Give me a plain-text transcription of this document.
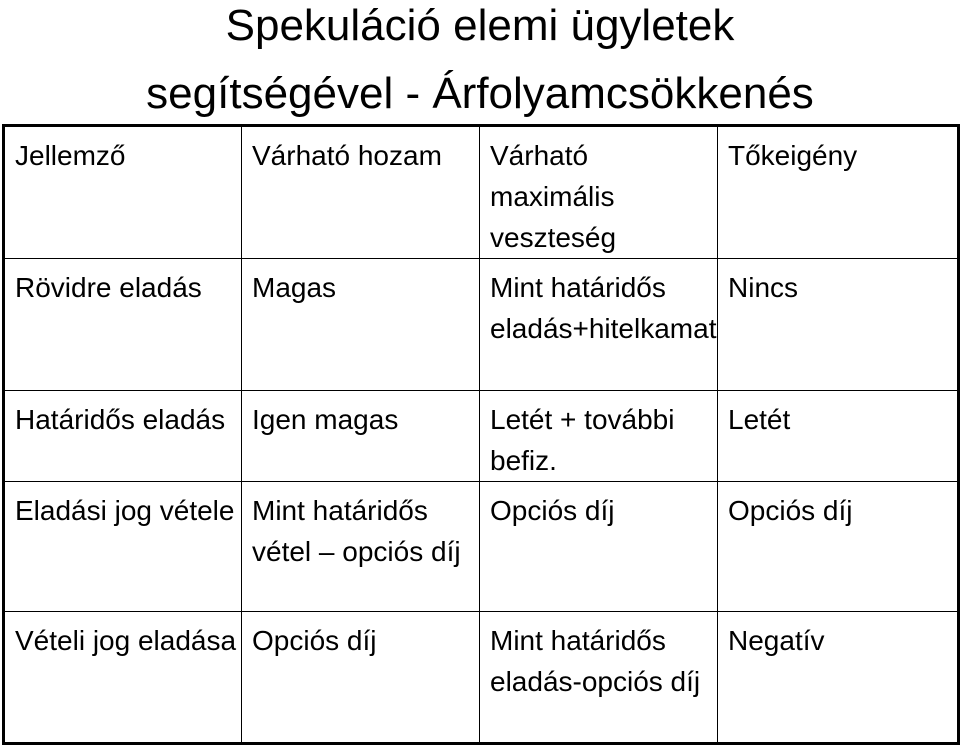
Spekuláció elemi ügyletek
segítségével - Árfolyamcsökkenés
Jellemző	Várható hozam	Várható maximális veszteség	Tőkeigény
Rövidre eladás	Magas	Mint határidős eladás+hitelkamat	Nincs
Határidős eladás	Igen magas	Letét + további befiz.	Letét
Eladási jog vétele	Mint határidős vétel – opciós díj	Opciós díj	Opciós díj
Vételi jog eladása	Opciós díj	Mint határidős eladás-opciós díj	Negatív
